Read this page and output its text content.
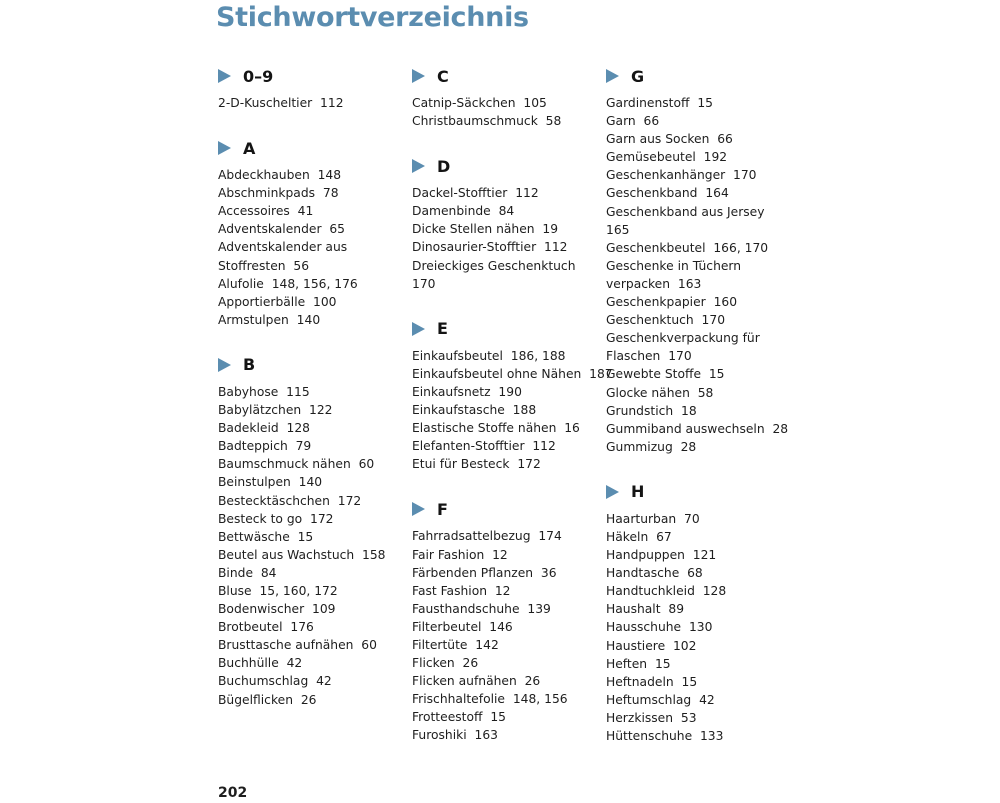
Stichwortverzeichnis
0–9
2-D-Kuscheltier 112
A
Abdeckhauben 148
Abschminkpads 78
Accessoires 41
Adventskalender 65
Adventskalender aus
Stoffresten 56
Alufolie 148, 156, 176
Apportierbälle 100
Armstulpen 140
B
Babyhose 115
Babylätzchen 122
Badekleid 128
Badteppich 79
Baumschmuck nähen 60
Beinstulpen 140
Bestecktäschchen 172
Besteck to go 172
Bettwäsche 15
Beutel aus Wachstuch 158
Binde 84
Bluse 15, 160, 172
Bodenwischer 109
Brotbeutel 176
Brusttasche aufnähen 60
Buchhülle 42
Buchumschlag 42
Bügelflicken 26
C
Catnip-Säckchen 105
Christbaumschmuck 58
D
Dackel-Stofftier 112
Damenbinde 84
Dicke Stellen nähen 19
Dinosaurier-Stofftier 112
Dreieckiges Geschenktuch
170
E
Einkaufsbeutel 186, 188
Einkaufsbeutel ohne Nähen 187
Einkaufsnetz 190
Einkaufstasche 188
Elastische Stoffe nähen 16
Elefanten-Stofftier 112
Etui für Besteck 172
F
Fahrradsattelbezug 174
Fair Fashion 12
Färbenden Pflanzen 36
Fast Fashion 12
Fausthandschuhe 139
Filterbeutel 146
Filtertüte 142
Flicken 26
Flicken aufnähen 26
Frischhaltefolie 148, 156
Frotteestoff 15
Furoshiki 163
G
Gardinenstoff 15
Garn 66
Garn aus Socken 66
Gemüsebeutel 192
Geschenkanhänger 170
Geschenkband 164
Geschenkband aus Jersey
165
Geschenkbeutel 166, 170
Geschenke in Tüchern
verpacken 163
Geschenkpapier 160
Geschenktuch 170
Geschenkverpackung für
Flaschen 170
Gewebte Stoffe 15
Glocke nähen 58
Grundstich 18
Gummiband auswechseln 28
Gummizug 28
H
Haarturban 70
Häkeln 67
Handpuppen 121
Handtasche 68
Handtuchkleid 128
Haushalt 89
Hausschuhe 130
Haustiere 102
Heften 15
Heftnadeln 15
Heftumschlag 42
Herzkissen 53
Hüttenschuhe 133
202
